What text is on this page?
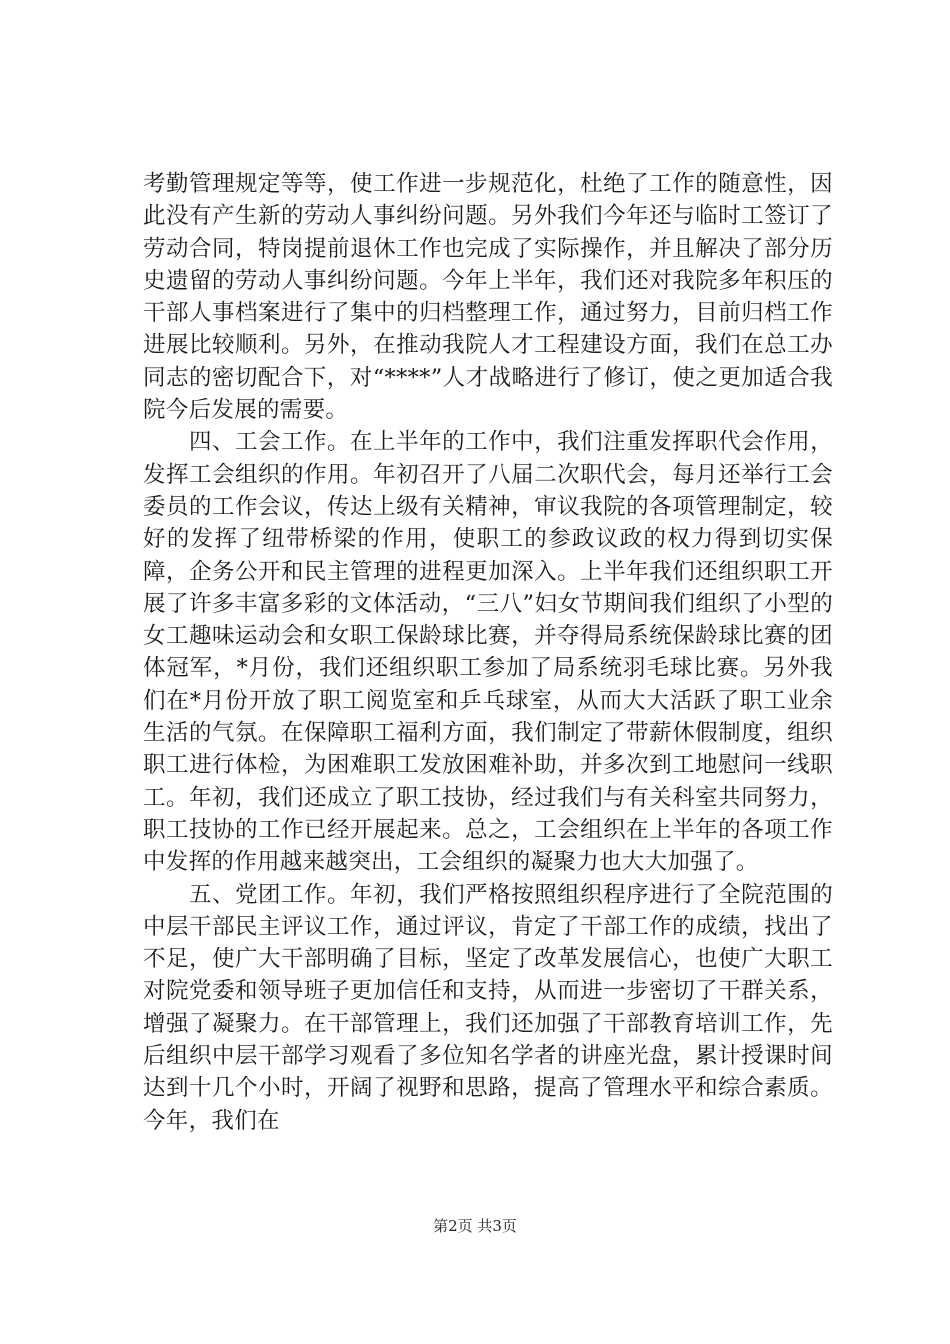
考勤管理规定等等，使工作进一步规范化，杜绝了工作的随意性，因此没有产生新的劳动人事纠纷问题。另外我们今年还与临时工签订了劳动合同，特岗提前退休工作也完成了实际操作，并且解决了部分历史遗留的劳动人事纠纷问题。今年上半年，我们还对我院多年积压的干部人事档案进行了集中的归档整理工作，通过努力，目前归档工作进展比较顺利。另外，在推动我院人才工程建设方面，我们在总工办同志的密切配合下，对“****”人才战略进行了修订，使之更加适合我院今后发展的需要。

四、工会工作。在上半年的工作中，我们注重发挥职代会作用，发挥工会组织的作用。年初召开了八届二次职代会，每月还举行工会委员的工作会议，传达上级有关精神，审议我院的各项管理制定，较好的发挥了纽带桥梁的作用，使职工的参政议政的权力得到切实保障，企务公开和民主管理的进程更加深入。上半年我们还组织职工开展了许多丰富多彩的文体活动，“三八”妇女节期间我们组织了小型的女工趣味运动会和女职工保龄球比赛，并夺得局系统保龄球比赛的团体冠军，*月份，我们还组织职工参加了局系统羽毛球比赛。另外我们在*月份开放了职工阅览室和乒乓球室，从而大大活跃了职工业余生活的气氛。在保障职工福利方面，我们制定了带薪休假制度，组织职工进行体检，为困难职工发放困难补助，并多次到工地慰问一线职工。年初，我们还成立了职工技协，经过我们与有关科室共同努力，职工技协的工作已经开展起来。总之，工会组织在上半年的各项工作中发挥的作用越来越突出，工会组织的凝聚力也大大加强了。

五、党团工作。年初，我们严格按照组织程序进行了全院范围的中层干部民主评议工作，通过评议，肯定了干部工作的成绩，找出了不足，使广大干部明确了目标，坚定了改革发展信心，也使广大职工对院党委和领导班子更加信任和支持，从而进一步密切了干群关系，增强了凝聚力。在干部管理上，我们还加强了干部教育培训工作，先后组织中层干部学习观看了多位知名学者的讲座光盘，累计授课时间达到十几个小时，开阔了视野和思路，提高了管理水平和综合素质。今年，我们在

第2页 共3页
